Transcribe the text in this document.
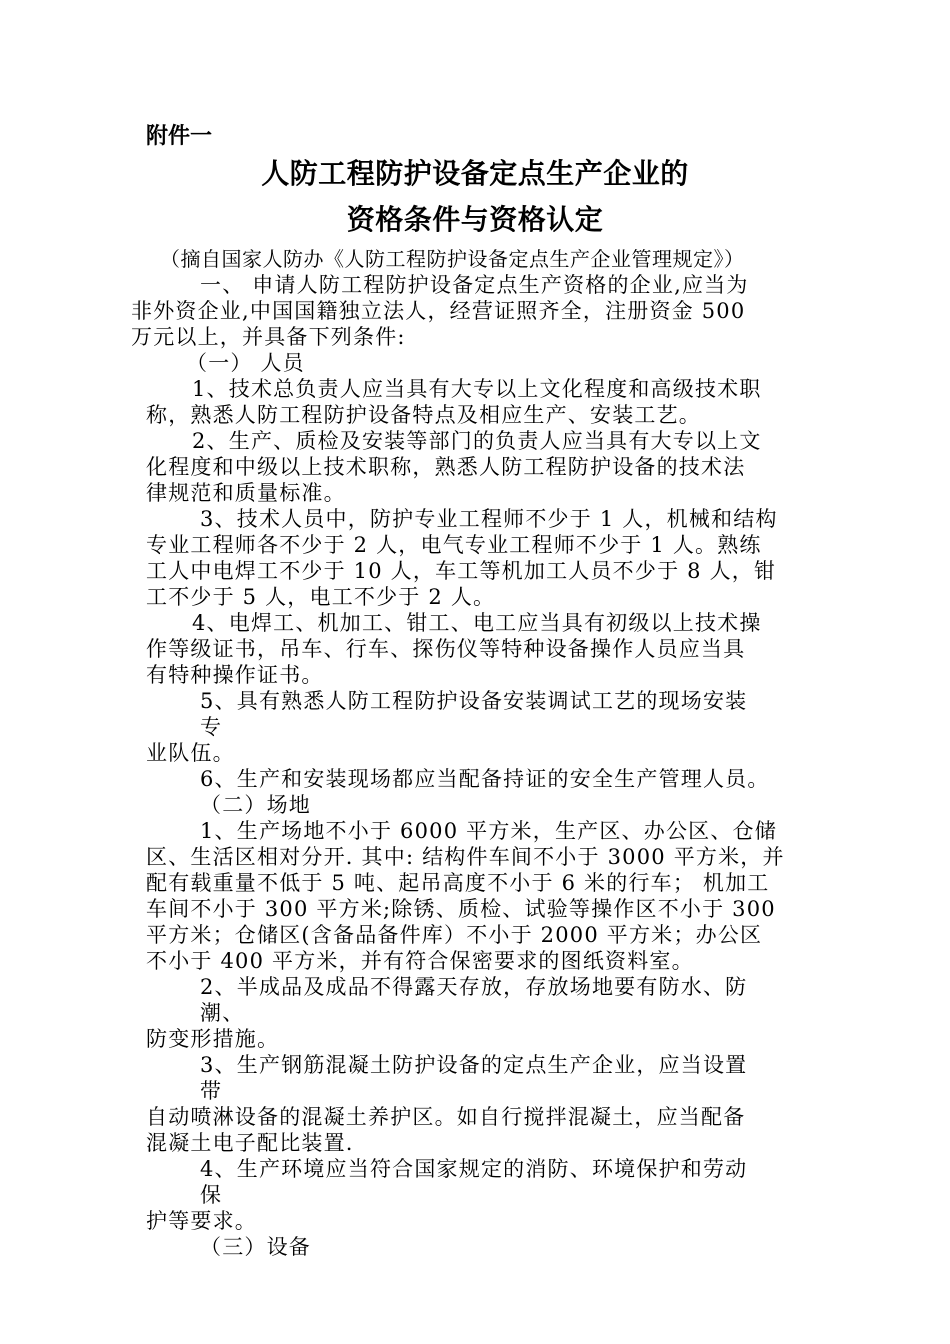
附件一
人防工程防护设备定点生产企业的
资格条件与资格认定
（摘自国家人防办《人防工程防护设备定点生产企业管理规定》）
一、 申请人防工程防护设备定点生产资格的企业,应当为
非外资企业,中国国籍独立法人，经营证照齐全，注册资金 500
万元以上，并具备下列条件:
（一） 人员
1、技术总负责人应当具有大专以上文化程度和高级技术职
称，熟悉人防工程防护设备特点及相应生产、安装工艺。
2、生产、质检及安装等部门的负责人应当具有大专以上文
化程度和中级以上技术职称，熟悉人防工程防护设备的技术法
律规范和质量标准。
3、技术人员中，防护专业工程师不少于 1 人，机械和结构
专业工程师各不少于 2 人，电气专业工程师不少于 1 人。熟练
工人中电焊工不少于 10 人，车工等机加工人员不少于 8 人，钳
工不少于 5 人，电工不少于 2 人。
4、电焊工、机加工、钳工、电工应当具有初级以上技术操
作等级证书，吊车、行车、探伤仪等特种设备操作人员应当具
有特种操作证书。
5、具有熟悉人防工程防护设备安装调试工艺的现场安装
专
业队伍。
6、生产和安装现场都应当配备持证的安全生产管理人员。
（二）场地
1、生产场地不小于 6000 平方米，生产区、办公区、仓储
区、生活区相对分开. 其中: 结构件车间不小于 3000 平方米，并
配有载重量不低于 5 吨、起吊高度不小于 6 米的行车； 机加工
车间不小于 300 平方米;除锈、质检、试验等操作区不小于 300
平方米；仓储区(含备品备件库）不小于 2000 平方米；办公区
不小于 400 平方米，并有符合保密要求的图纸资料室。
2、半成品及成品不得露天存放，存放场地要有防水、防
潮、
防变形措施。
3、生产钢筋混凝土防护设备的定点生产企业，应当设置
带
自动喷淋设备的混凝土养护区。如自行搅拌混凝土，应当配备
混凝土电子配比装置.
4、生产环境应当符合国家规定的消防、环境保护和劳动
保
护等要求。
（三）设备
